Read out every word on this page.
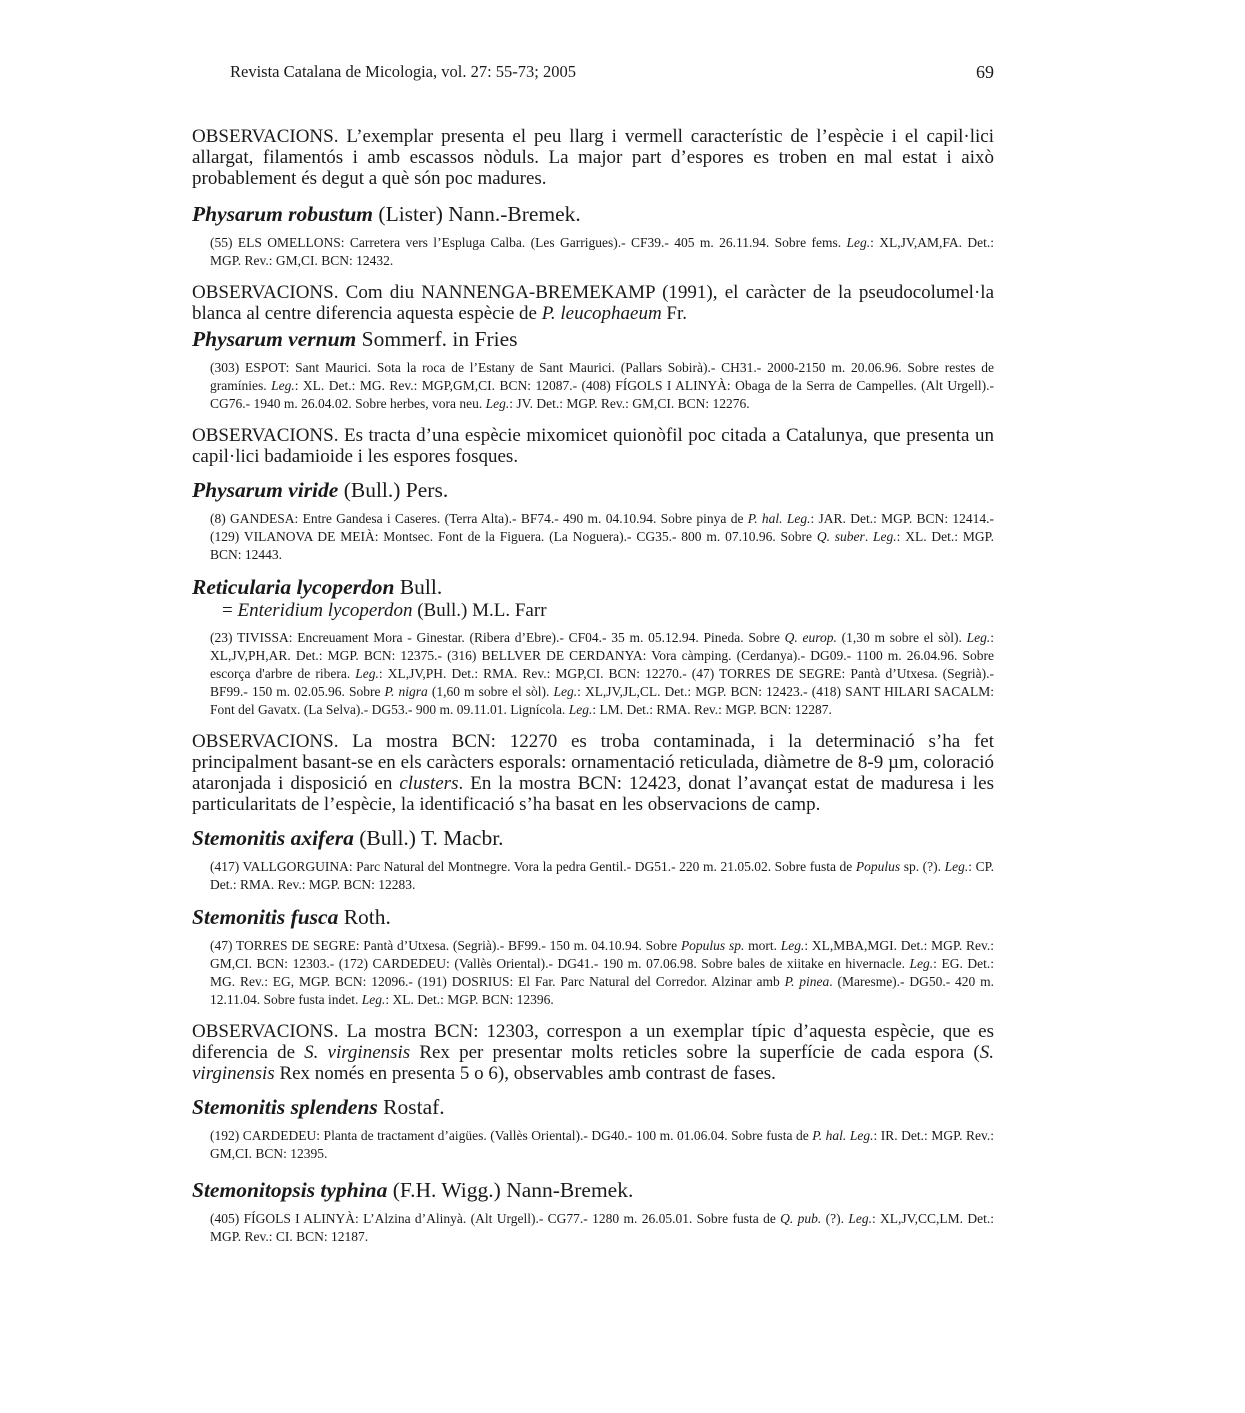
Revista Catalana de Micologia, vol. 27: 55-73; 2005	69

OBSERVACIONS. L’exemplar presenta el peu llarg i vermell característic de l’espècie i el capil·lici allargat, filamentós i amb escassos nòduls. La major part d’espores es troben en mal estat i això probablement és degut a què són poc madures.

Physarum robustum (Lister) Nann.-Bremek.

(55) ELS OMELLONS: Carretera vers l’Espluga Calba. (Les Garrigues).- CF39.- 405 m. 26.11.94. Sobre fems. Leg.: XL,JV,AM,FA. Det.: MGP. Rev.: GM,CI. BCN: 12432.

OBSERVACIONS. Com diu NANNENGA-BREMEKAMP (1991), el caràcter de la pseudocolumel·la blanca al centre diferencia aquesta espècie de P. leucophaeum Fr.

Physarum vernum Sommerf. in Fries

(303) ESPOT: Sant Maurici. Sota la roca de l’Estany de Sant Maurici. (Pallars Sobirà).- CH31.- 2000-2150 m. 20.06.96. Sobre restes de gramínies. Leg.: XL. Det.: MG. Rev.: MGP,GM,CI. BCN: 12087.- (408) FÍGOLS I ALINYÀ: Obaga de la Serra de Campelles. (Alt Urgell).- CG76.- 1940 m. 26.04.02. Sobre herbes, vora neu. Leg.: JV. Det.: MGP. Rev.: GM,CI. BCN: 12276.

OBSERVACIONS. Es tracta d’una espècie mixomicet quionòfil poc citada a Catalunya, que presenta un capil·lici badamioide i les espores fosques.

Physarum viride (Bull.) Pers.

(8) GANDESA: Entre Gandesa i Caseres. (Terra Alta).- BF74.- 490 m. 04.10.94. Sobre pinya de P. hal. Leg.: JAR. Det.: MGP. BCN: 12414.- (129) VILANOVA DE MEIÀ: Montsec. Font de la Figuera. (La Noguera).- CG35.- 800 m. 07.10.96. Sobre Q. suber. Leg.: XL. Det.: MGP. BCN: 12443.

Reticularia lycoperdon Bull.

= Enteridium lycoperdon (Bull.) M.L. Farr

(23) TIVISSA: Encreuament Mora - Ginestar. (Ribera d’Ebre).- CF04.- 35 m. 05.12.94. Pineda. Sobre Q. europ. (1,30 m sobre el sòl). Leg.: XL,JV,PH,AR. Det.: MGP. BCN: 12375.- (316) BELLVER DE CERDANYA: Vora càmping. (Cerdanya).- DG09.- 1100 m. 26.04.96. Sobre escorça d'arbre de ribera. Leg.: XL,JV,PH. Det.: RMA. Rev.: MGP,CI. BCN: 12270.- (47) TORRES DE SEGRE: Pantà d’Utxesa. (Segrià).- BF99.- 150 m. 02.05.96. Sobre P. nigra (1,60 m sobre el sòl). Leg.: XL,JV,JL,CL. Det.: MGP. BCN: 12423.- (418) SANT HILARI SACALM: Font del Gavatx. (La Selva).- DG53.- 900 m. 09.11.01. Lignícola. Leg.: LM. Det.: RMA. Rev.: MGP. BCN: 12287.

OBSERVACIONS. La mostra BCN: 12270 es troba contaminada, i la determinació s’ha fet principalment basant-se en els caràcters esporals: ornamentació reticulada, diàmetre de 8-9 µm, coloració ataronjada i disposició en clusters. En la mostra BCN: 12423, donat l’avançat estat de maduresa i les particularitats de l’espècie, la identificació s’ha basat en les observacions de camp.

Stemonitis axifera (Bull.) T. Macbr.

(417) VALLGORGUINA: Parc Natural del Montnegre. Vora la pedra Gentil.- DG51.- 220 m. 21.05.02. Sobre fusta de Populus sp. (?). Leg.: CP. Det.: RMA. Rev.: MGP. BCN: 12283.

Stemonitis fusca Roth.

(47) TORRES DE SEGRE: Pantà d’Utxesa. (Segrià).- BF99.- 150 m. 04.10.94. Sobre Populus sp. mort. Leg.: XL,MBA,MGI. Det.: MGP. Rev.: GM,CI. BCN: 12303.- (172) CARDEDEU: (Vallès Oriental).- DG41.- 190 m. 07.06.98. Sobre bales de xiitake en hivernacle. Leg.: EG. Det.: MG. Rev.: EG, MGP. BCN: 12096.- (191) DOSRIUS: El Far. Parc Natural del Corredor. Alzinar amb P. pinea. (Maresme).- DG50.- 420 m. 12.11.04. Sobre fusta indet. Leg.: XL. Det.: MGP. BCN: 12396.

OBSERVACIONS. La mostra BCN: 12303, correspon a un exemplar típic d’aquesta espècie, que es diferencia de S. virginensis Rex per presentar molts reticles sobre la superfície de cada espora (S. virginensis Rex només en presenta 5 o 6), observables amb contrast de fases.

Stemonitis splendens Rostaf.

(192) CARDEDEU: Planta de tractament d’aigües. (Vallès Oriental).- DG40.- 100 m. 01.06.04. Sobre fusta de P. hal. Leg.: IR. Det.: MGP. Rev.: GM,CI. BCN: 12395.

Stemonitopsis typhina (F.H. Wigg.) Nann-Bremek.

(405) FÍGOLS I ALINYÀ: L’Alzina d’Alinyà. (Alt Urgell).- CG77.- 1280 m. 26.05.01. Sobre fusta de Q. pub. (?). Leg.: XL,JV,CC,LM. Det.: MGP. Rev.: CI. BCN: 12187.
